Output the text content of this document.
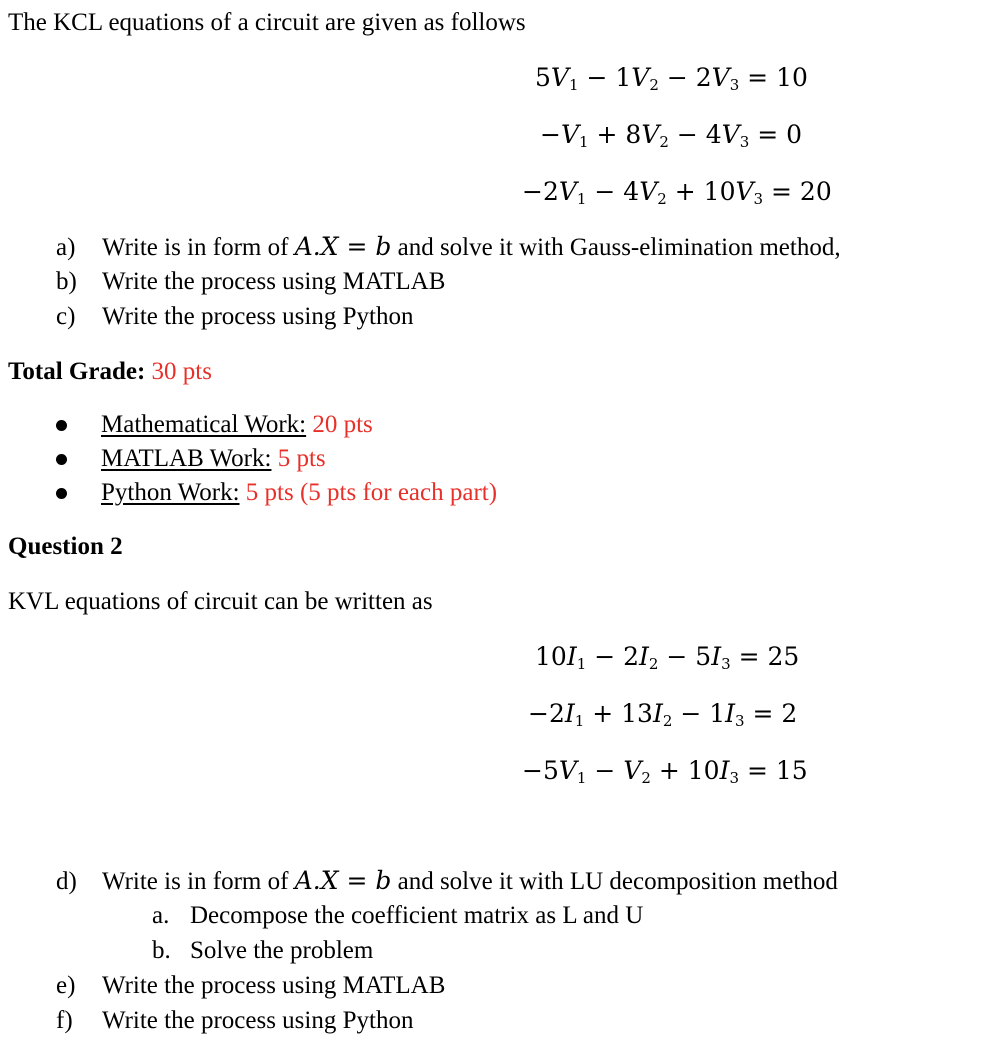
The KCL equations of a circuit are given as follows
$5V_1 - 1V_2 - 2V_3 = 10$
$-V_1 + 8V_2 - 4V_3 = 0$
$-2V_1 - 4V_2 + 10V_3 = 20$
a) Write is in form of A.X = b and solve it with Gauss-elimination method,
b) Write the process using MATLAB
c) Write the process using Python
Total Grade: 30 pts
Mathematical Work: 20 pts
MATLAB Work: 5 pts
Python Work: 5 pts (5 pts for each part)
Question 2
KVL equations of circuit can be written as
$10I_1 - 2I_2 - 5I_3 = 25$
$-2I_1 + 13I_2 - 1I_3 = 2$
$-5V_1 - V_2 + 10I_3 = 15$
d) Write is in form of A.X = b and solve it with LU decomposition method
a. Decompose the coefficient matrix as L and U
b. Solve the problem
e) Write the process using MATLAB
f) Write the process using Python
